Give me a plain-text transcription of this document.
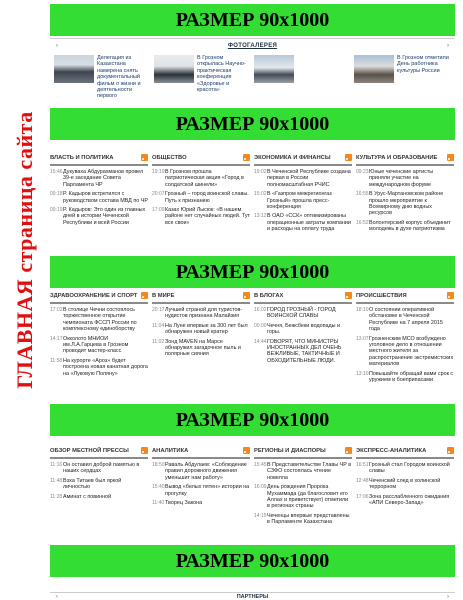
ГЛАВНАЯ страница сайта
РАЗМЕР 90х1000
‹	ФОТОГАЛЕРЕЯ	›
Делегация из Казахстана намерена снять документальный фильм о жизни и деятельности первого
В Грозном открылась Научно-практическая конференция «Здоровье и красота»
В Грозном отметили День работника культуры России
РАЗМЕР 90х1000
ВЛАСТЬ И ПОЛИТИКА
15:46 Дукуваха Абдурахманов провел 39-е заседание Совета Парламента ЧР
09:18 Р. Кадыров встретился с руководством состава МВД по ЧР
09:19 Р. Кадыров: Это один из главных дней в истории Чеченской Республики и всей России
ОБЩЕСТВО
19:19 В Грозном прошла патриотическая акция «Город в солдатской шинели»
20:07 Грозный – город воинской славы. Путь к признанию
17:09 Казах Юрий Лысюк: «В нашем районе нет случайных людей. Тут все свои»
ЭКОНОМИКА И ФИНАНСЫ
19:02 В Чеченской Республике создана первая в России полномасштабная РЧИС
15:02 В «Газпром межрегионгаз Грозный» прошла пресс-конференция
13:12 В ОАО «ССК» оптимизированы операционные затраты компании и расходы на оплату труда
КУЛЬТУРА И ОБРАЗОВАНИЕ
09:23 Юные чеченские артисты приняли участие на международном форуме
16:55 В Урус-Мартановском районе прошло мероприятие к Всемирному дню водных ресурсов
16:52 Волонтерский корпус объединит молодежь в духе патриотизма
РАЗМЕР 90х1000
ЗДРАВООХРАНЕНИЕ И СПОРТ
17:02 В столице Чечни состоялось торжественное открытие чемпионата ФССП России по комплексному единоборству
14:17 Окколото МНИОИ им.Л.А.Гарцева в Грозном проводит мастер-класс
11:58 На курорте «Ароз» будет построена новая канатная дорога на «Луковую Поляну»
В МИРЕ
20:17 Лучшей страной для туристов-нудистов признана Малайзия
11:04 На Луне впервые за 300 лет был обнаружен новый кратер
11:02 Зонд MAVEN на Марсе обнаружил загадочное пыль и полярные сияния
В БЛОГАХ
16:02 ГОРОД ГРОЗНЫЙ - ГОРОД ВОИНСКОЙ СЛАВЫ
00:00 Чечня, Бежсбеки водопады и горы.
14:44 ГОВОРЯТ, ЧТО МИНИСТРЫ ИНОСТРАННЫХ ДЕЛ ОЧЕНЬ ВЕЖЛИВЫЕ, ТАКТИЧНЫЕ И ОБХОДИТЕЛЬНЫЕ ЛЮДИ.
ПРОИСШЕСТВИЯ
18:10 О состоянии оперативной обстановке в Чеченской Республике на 7 апреля 2015 года
13:07 Грозненским МСО возбуждено уголовное дело в отношении местного жителя за распространение экстремистских материалов
13:10 Повышайте обращай вами срок с уружием и боеприпасами
РАЗМЕР 90х1000
ОБЗОР МЕСТНОЙ ПРЕССЫ
11:16 Он оставил доброй памятью в наших сердцах
11:48 Вэха Титаев был яркой личностью
11:28 Аминат с повинной
АНАЛИТИКА
18:50 Раваль Абдулаев: «Соблюдение правил дорожного движения уменьшит нам работу»
15:40 Вывод «белых пятен» истории на прогулку
11:40 Творец Закона
РЕГИОНЫ И ДИАСПОРЫ
15:45 В Представительстве Главы ЧР в СЗФО состоялась чтение новелла
16:09 День рождения Пророка Мухаммада (да благословит его Аллах и приветствует) отметили в регионах страны
14:15 Чеченцы впервые представлены в Парламенте Казахстана
ЭКСПРЕСС-АНАЛИТИКА
16:51 Грозный стал Городом воинской славы
12:48 Чеченский след в холинской террорном
17:06 Зона расслабленного ожидания «АПИ Северо-Запад»
РАЗМЕР 90х1000
‹	ПАРТНЕРЫ	›
